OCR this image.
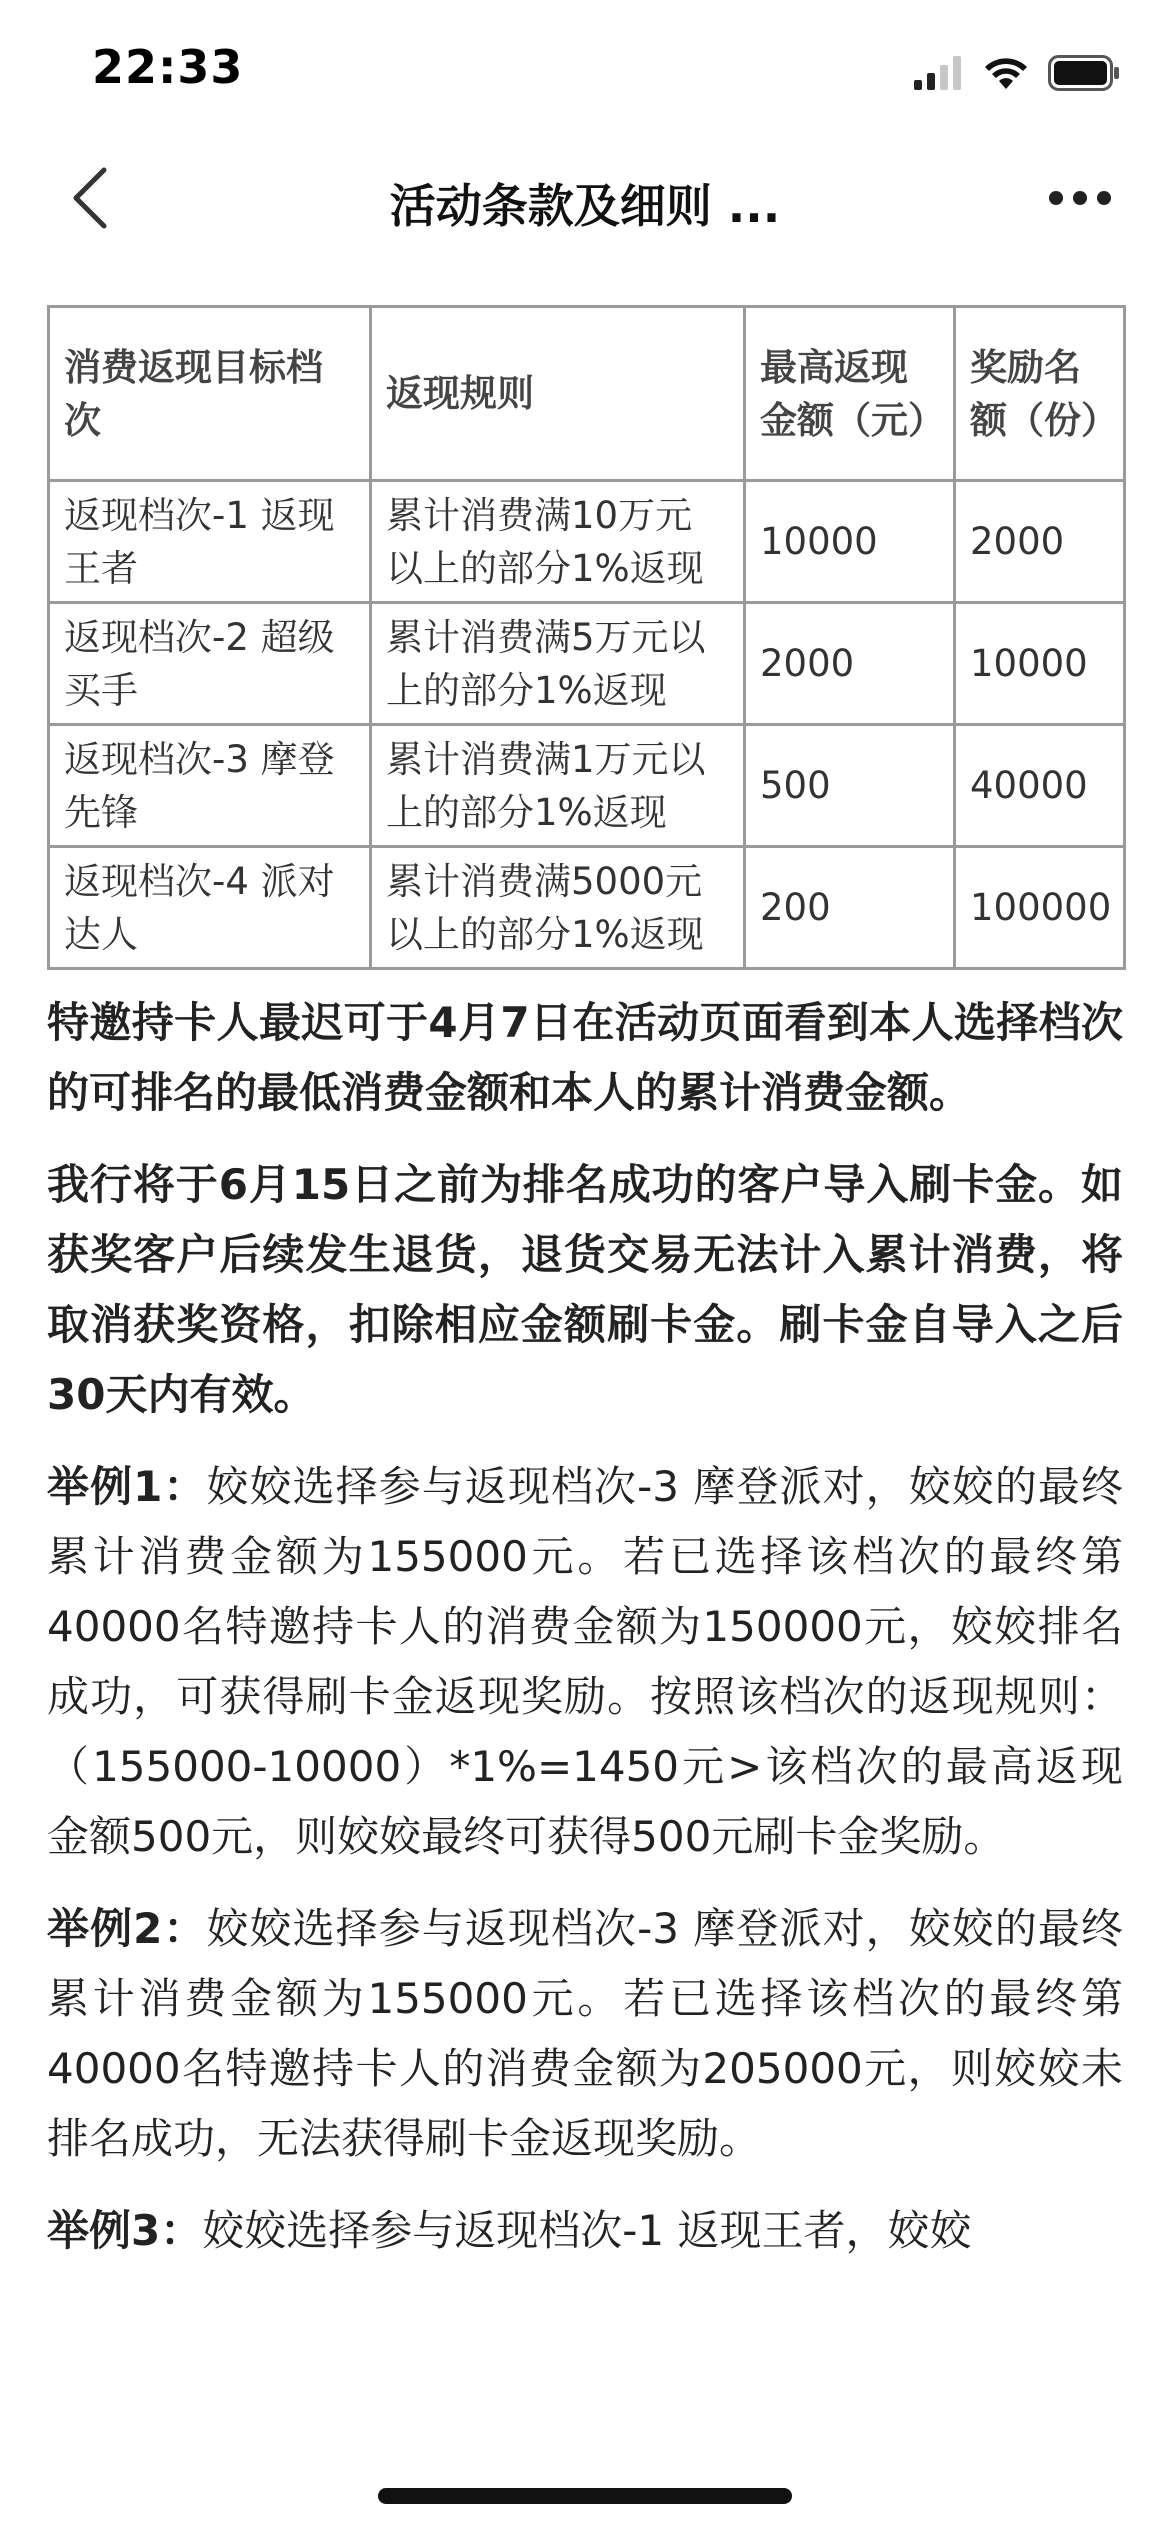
22:33
活动条款及细则 ...
消费返现目标档次	返现规则	最高返现金额（元）	奖励名额（份）
返现档次-1 返现王者	累计消费满10万元以上的部分1%返现	10000	2000
返现档次-2 超级买手	累计消费满5万元以上的部分1%返现	2000	10000
返现档次-3 摩登先锋	累计消费满1万元以上的部分1%返现	500	40000
返现档次-4 派对达人	累计消费满5000元以上的部分1%返现	200	100000

特邀持卡人最迟可于4月7日在活动页面看到本人选择档次的可排名的最低消费金额和本人的累计消费金额。

我行将于6月15日之前为排名成功的客户导入刷卡金。如获奖客户后续发生退货，退货交易无法计入累计消费，将取消获奖资格，扣除相应金额刷卡金。刷卡金自导入之后30天内有效。

举例1：姣姣选择参与返现档次-3 摩登派对，姣姣的最终累计消费金额为155000元。若已选择该档次的最终第40000名特邀持卡人的消费金额为150000元，姣姣排名成功，可获得刷卡金返现奖励。按照该档次的返现规则：（155000-10000）*1%=1450元>该档次的最高返现金额500元，则姣姣最终可获得500元刷卡金奖励。

举例2：姣姣选择参与返现档次-3 摩登派对，姣姣的最终累计消费金额为155000元。若已选择该档次的最终第40000名特邀持卡人的消费金额为205000元，则姣姣未排名成功，无法获得刷卡金返现奖励。

举例3：姣姣选择参与返现档次-1 返现王者，姣姣
